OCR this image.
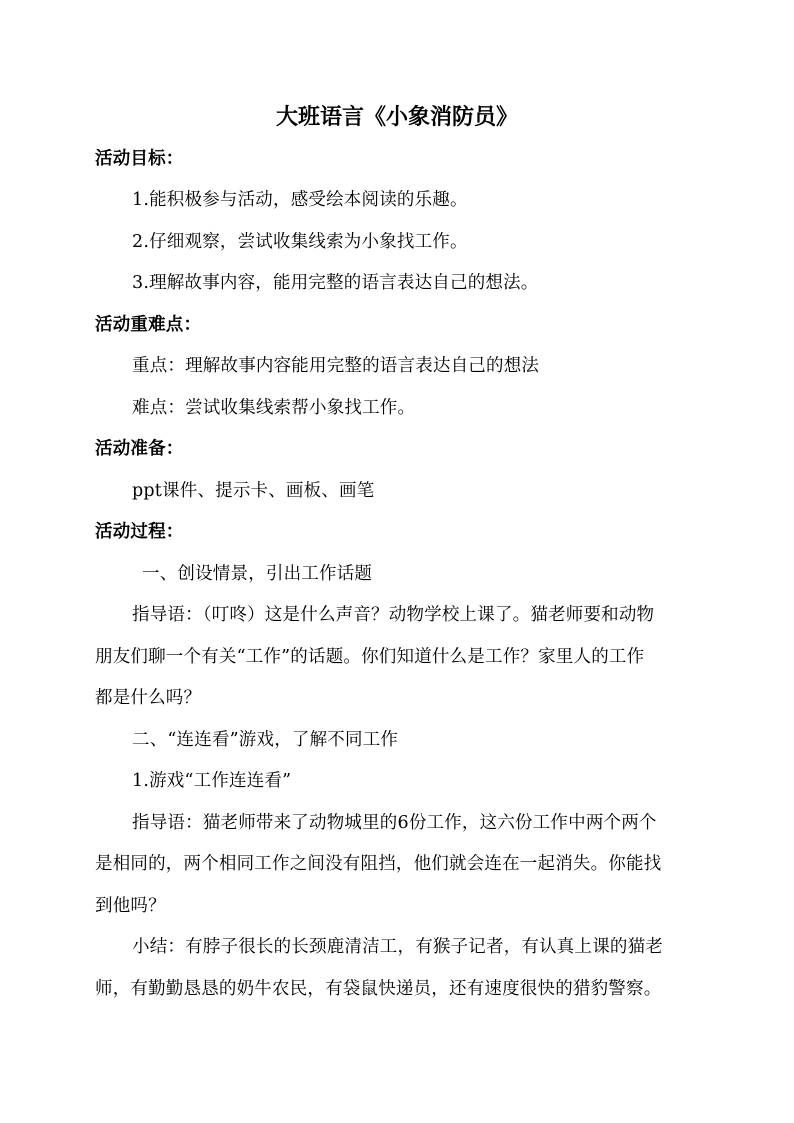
大班语言《小象消防员》
活动目标：
1.能积极参与活动，感受绘本阅读的乐趣。
2.仔细观察，尝试收集线索为小象找工作。
3.理解故事内容，能用完整的语言表达自己的想法。
活动重难点：
重点：理解故事内容能用完整的语言表达自己的想法
难点：尝试收集线索帮小象找工作。
活动准备：
ppt课件、提示卡、画板、画笔
活动过程：
一、创设情景，引出工作话题
指导语：（叮咚）这是什么声音？动物学校上课了。猫老师要和动物
朋友们聊一个有关“工作”的话题。你们知道什么是工作？家里人的工作
都是什么吗？
二、“连连看”游戏，了解不同工作
1.游戏“工作连连看”
指导语：猫老师带来了动物城里的6份工作，这六份工作中两个两个
是相同的，两个相同工作之间没有阻挡，他们就会连在一起消失。你能找
到他吗？
小结：有脖子很长的长颈鹿清洁工，有猴子记者，有认真上课的猫老
师，有勤勤恳恳的奶牛农民，有袋鼠快递员，还有速度很快的猎豹警察。
